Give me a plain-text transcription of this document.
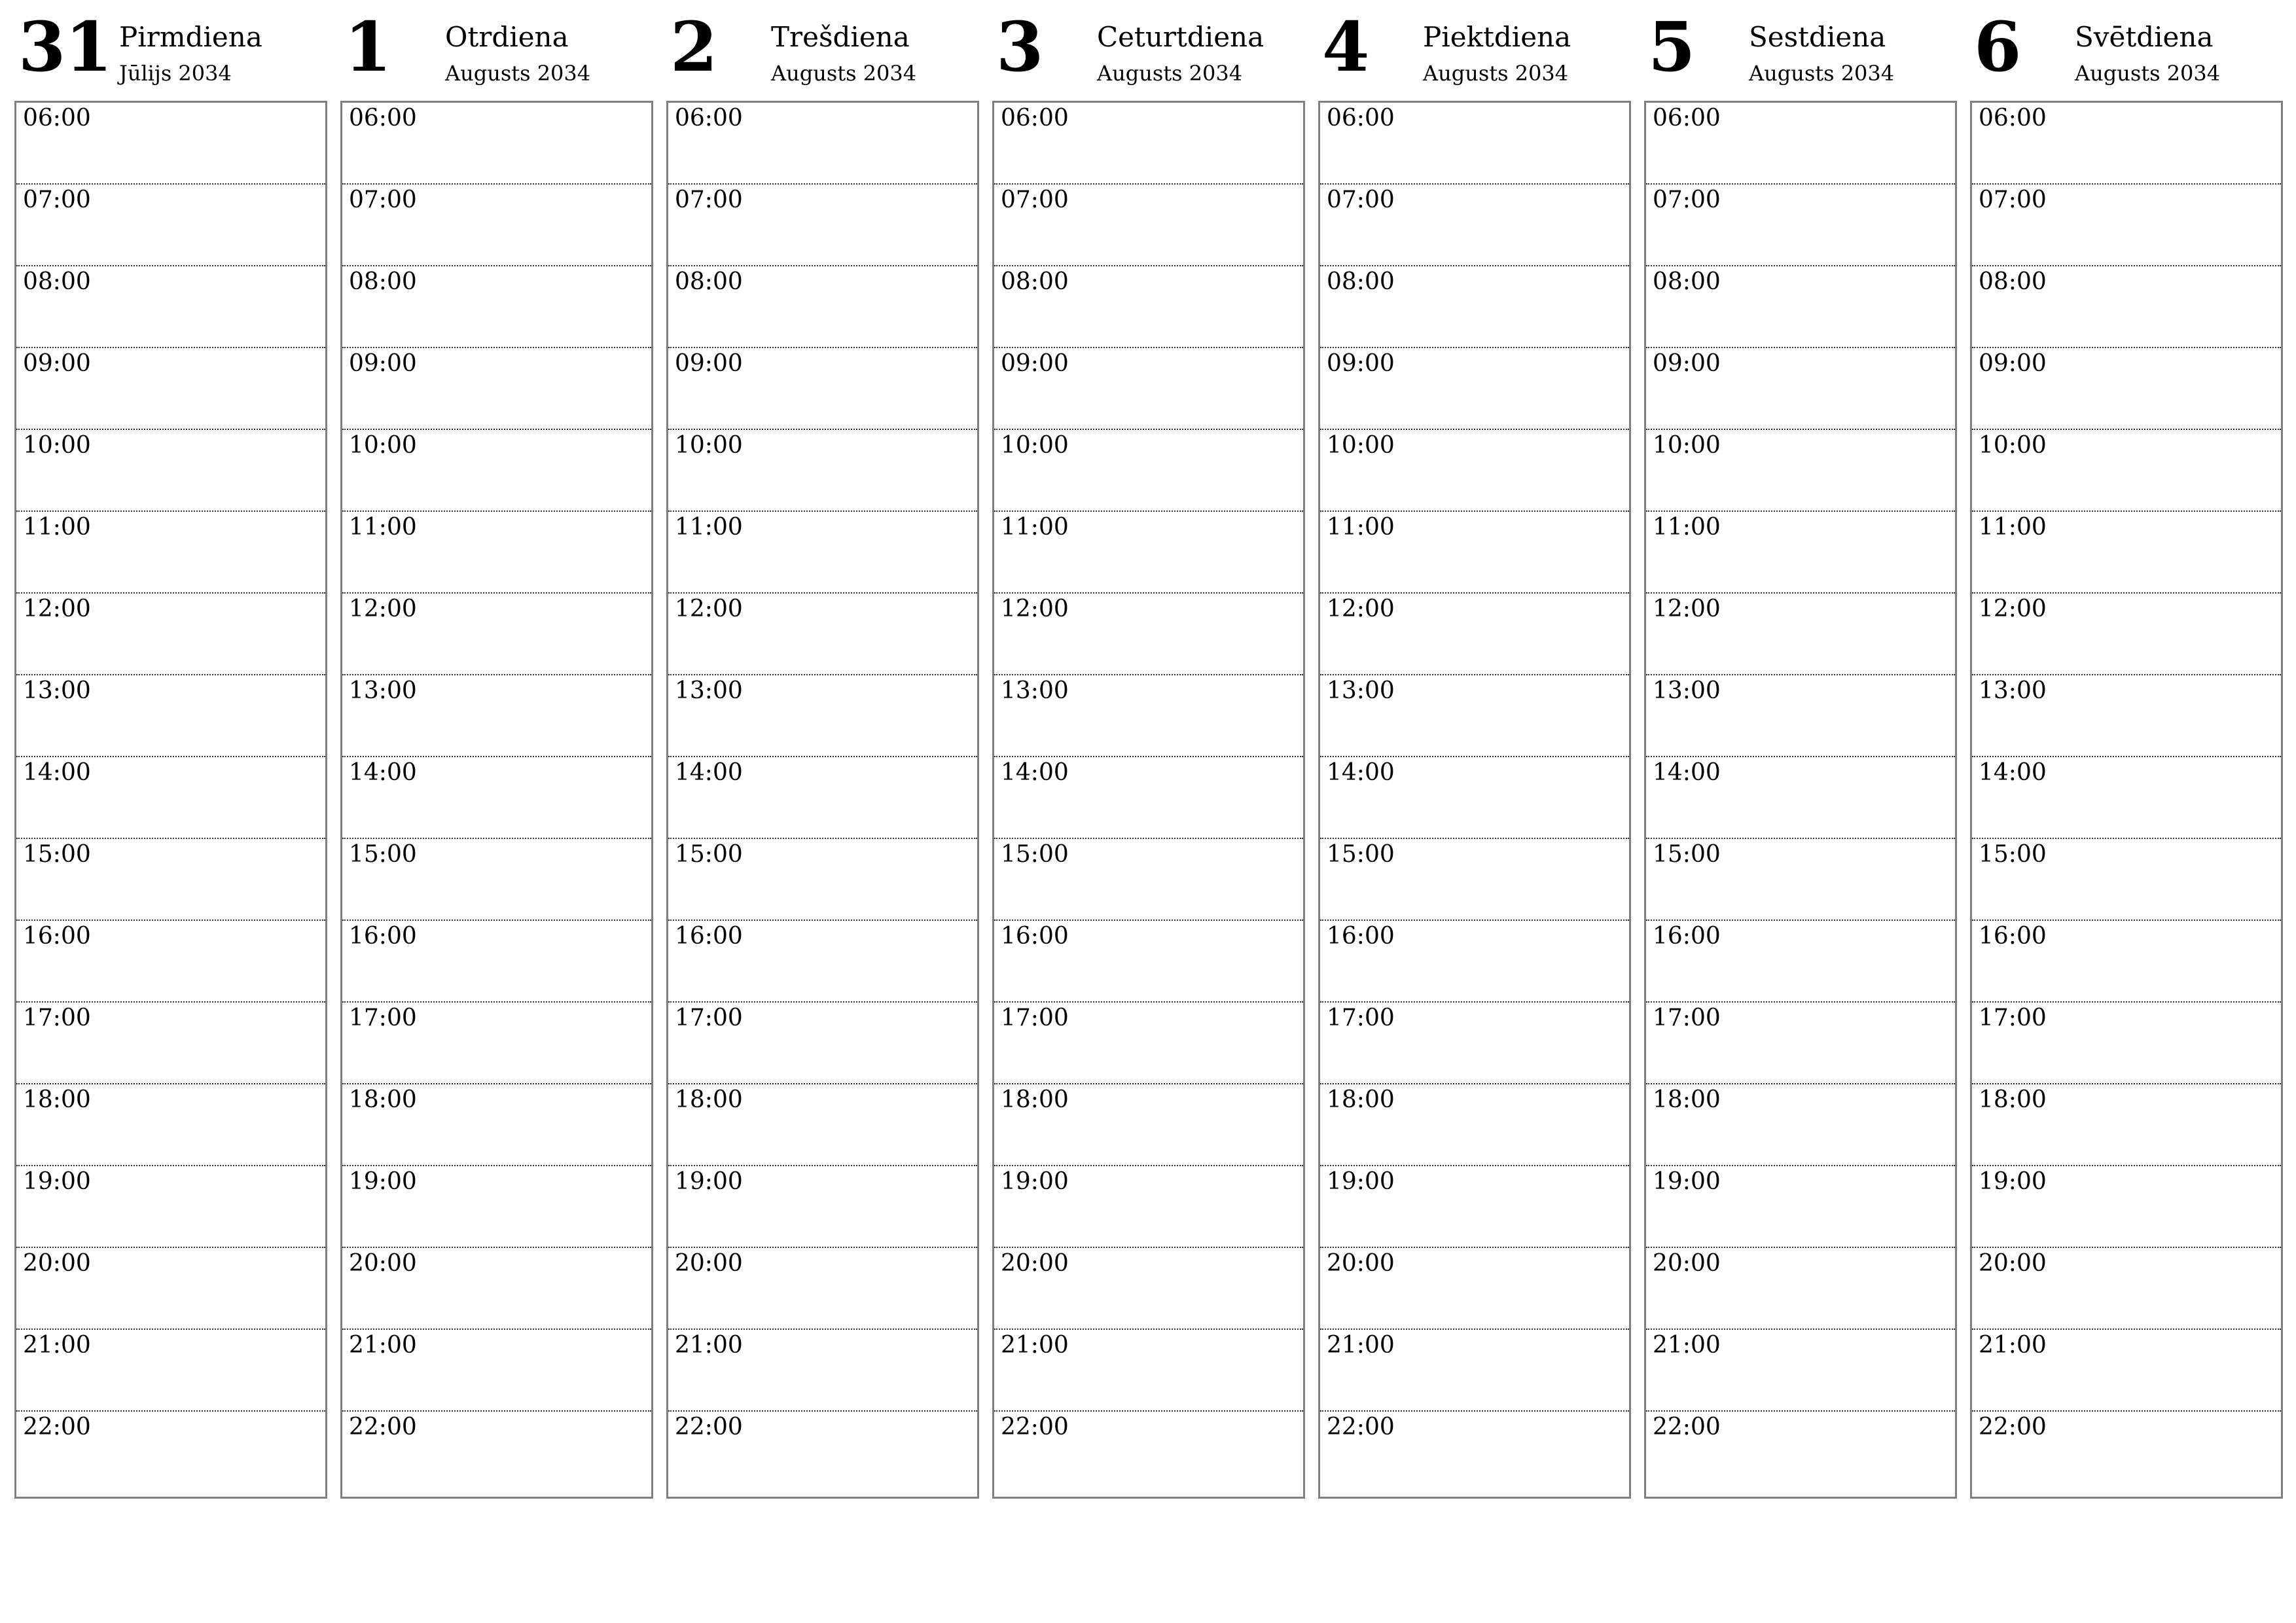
31 Pirmdiena
Jūlijs 2034
06:00
07:00
08:00
09:00
10:00
11:00
12:00
13:00
14:00
15:00
16:00
17:00
18:00
19:00
20:00
21:00
22:00
1 Otrdiena
Augusts 2034
06:00
07:00
08:00
09:00
10:00
11:00
12:00
13:00
14:00
15:00
16:00
17:00
18:00
19:00
20:00
21:00
22:00
2 Trešdiena
Augusts 2034
06:00
07:00
08:00
09:00
10:00
11:00
12:00
13:00
14:00
15:00
16:00
17:00
18:00
19:00
20:00
21:00
22:00
3 Ceturtdiena
Augusts 2034
06:00
07:00
08:00
09:00
10:00
11:00
12:00
13:00
14:00
15:00
16:00
17:00
18:00
19:00
20:00
21:00
22:00
4 Piektdiena
Augusts 2034
06:00
07:00
08:00
09:00
10:00
11:00
12:00
13:00
14:00
15:00
16:00
17:00
18:00
19:00
20:00
21:00
22:00
5 Sestdiena
Augusts 2034
06:00
07:00
08:00
09:00
10:00
11:00
12:00
13:00
14:00
15:00
16:00
17:00
18:00
19:00
20:00
21:00
22:00
6 Svētdiena
Augusts 2034
06:00
07:00
08:00
09:00
10:00
11:00
12:00
13:00
14:00
15:00
16:00
17:00
18:00
19:00
20:00
21:00
22:00
